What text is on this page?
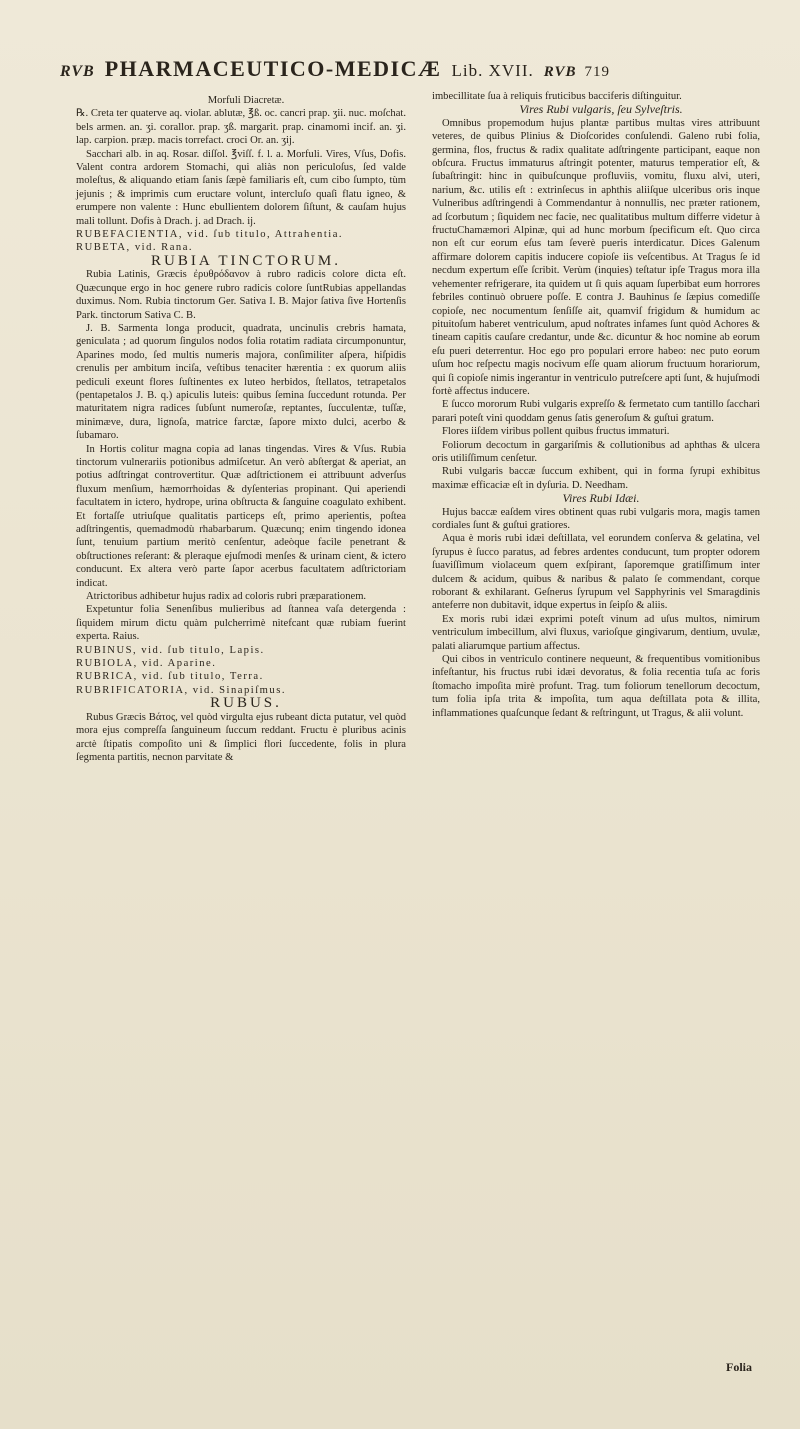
RVB PHARMACEUTICO-MEDICÆ Lib. XVII. RVB 719

Morfuli Diacretæ.

℞. Creta ter quaterve aq. violar. ablutæ, ℥ß. oc. cancri prap. ʒii. nuc. moſchat. bels armen. an. ʒi. corallor. prap. ʒß. margarit. prap. cinamomi incif. an. ʒi. lap. carpion. præp. macis torrefact. croci Or. an. ʒij.

Sacchari alb. in aq. Rosar. diſſol. ℥viſſ. f. l. a. Morfuli. Vires, Vſus, Dofis. Valent contra ardorem Stomachi, qui aliàs non periculoſus, ſed valde moleſtus, & aliquando etiam ſanis ſæpè familiaris eſt, cum cibo ſumpto, tùm jejunis ; & imprimis cum eructare volunt, intercluſo quaſi flatu igneo, & erumpere non valente : Hunc ebullientem dolorem ſiſtunt, & cauſam hujus mali tollunt. Dofis à Drach. j. ad Drach. ij.

RUBEFACIENTIA, vid. ſub titulo, Attrahentia.

RUBETA, vid. Rana.

RUBIA TINCTORUM.

Rubia Latinis, Græcis ἐρυθρόδανον à rubro radicis colore dicta eſt. Quæcunque ergo in hoc genere rubro radicis colore ſuntRubias appellandas duximus. Nom. Rubia tinctorum Ger. Sativa I. B. Major ſativa ſive Hortenſis Park. tinctorum Sativa C. B.

J. B. Sarmenta longa producit, quadrata, uncinulis crebris hamata, geniculata ; ad quorum ſingulos nodos folia rotatim radiata circumponuntur, Aparines modo, ſed multis numeris majora, conſimiliter aſpera, hiſpidis crenulis per ambitum inciſa, veſtibus tenaciter hærentia : ex quorum aliis pediculi exeunt flores ſuſtinentes ex luteo herbidos, ſtellatos, tetrapetalos (pentapetalos J. B. q.) apiculis luteis: quibus ſemina ſuccedunt rotunda. Per maturitatem nigra radices ſubſunt numeroſæ, reptantes, ſucculentæ, tuſſæ, minimæve, dura, lignoſa, matrice farctæ, ſapore mixto dulci, acerbo & ſubamaro.

In Hortis colitur magna copia ad lanas tingendas. Vires & Vſus. Rubia tinctorum vulnerariis potionibus admiſcetur. An verò abſtergat & aperiat, an potius adſtringat controvertitur. Quæ adſtrictionem ei attribuunt adverſus fluxum menſium, hæmorrhoidas & dyſenterias propinant. Qui aperiendi facultatem in ictero, hydrope, urina obſtructa & ſanguine coagulato exhibent. Et fortaſſe utriuſque qualitatis particeps eſt, primo aperientis, poſtea adſtringentis, quemadmodù rhabarbarum. Quæcunq; enim tingendo idonea ſunt, tenuium partium meritò cenſentur, adeòque facile penetrant & obſtructiones reſerant: & pleraque ejuſmodi menſes & urinam cient, & ictero conducunt. Ex altera verò parte ſapor acerbus facultatem adſtrictoriam indicat.

Atrictoribus adhibetur hujus radix ad coloris rubri præparationem.

Expetuntur folia Senenſibus mulieribus ad ſtannea vaſa detergenda : ſiquidem mirum dictu quàm pulcherrimè nitefcant quæ rubiam fuerint experta. Raius.

RUBINUS, vid. ſub titulo, Lapis.

RUBIOLA, vid. Aparine.

RUBRICA, vid. ſub titulo, Terra.

RUBRIFICATORIA, vid. Sinapiſmus.

RUBUS.

Rubus Græcis Βάτος, vel quòd virgulta ejus rubeant dicta putatur, vel quòd mora ejus compreſſa ſanguineum ſuccum reddant. Fructu è pluribus acinis arctè ſtipatis compoſito uni & ſimplici flori ſuccedente, folis in plura ſegmenta partitis, necnon parvitate &

imbecillitate ſua à reliquis fruticibus bacciferis diſtinguitur.

Vires Rubi vulgaris, ſeu Sylveſtris.

Omnibus propemodum hujus plantæ partibus multas vires attribuunt veteres, de quibus Plinius & Dioſcorides conſulendi. Galeno rubi folia, germina, flos, fructus & radix qualitate adſtringente participant, eaque non obſcura. Fructus immaturus aſtringit potenter, maturus temperatior eſt, & ſubaſtringit: hinc in quibuſcunque profluviis, vomitu, fluxu alvi, uteri, narium, &c. utilis eſt : extrinſecus in aphthis aliiſque ulceribus oris inque Vulneribus adſtringendi à Commendantur à nonnullis, nec præter rationem, ad ſcorbutum ; ſiquidem nec facie, nec qualitatibus multum differre videtur à fructuChamæmori Alpinæ, qui ad hunc morbum ſpecificum eſt. Quo circa non eſt cur eorum eſus tam ſeverè pueris interdicatur. Dices Galenum affirmare dolorem capitis inducere copioſe iis veſcentibus. At Tragus ſe id necdum expertum eſſe ſcribit. Verùm (inquies) teſtatur ipſe Tragus mora illa vehementer refrigerare, ita quidem ut ſi quis aquam ſuperbibat eum horrores febriles continuò obruere poſſe. E contra J. Bauhinus ſe ſæpius comediſſe copioſe, nec nocumentum ſenſiſſe ait, quamviſ frigidum & humidum ac pituitoſum haberet ventriculum, apud noſtrates infames ſunt quòd Achores & tineam capitis cauſare credantur, unde &c. dicuntur & hoc nomine ab eorum eſu pueri deterrentur. Hoc ego pro populari errore habeo: nec puto eorum uſum hoc reſpectu magis nocivum eſſe quam aliorum fructuum horariorum, qui ſi copioſe nimis ingerantur in ventriculo putreſcere apti ſunt, & hujuſmodi fortè affectus inducere.

E ſucco mororum Rubi vulgaris expreſſo & fermetato cum tantillo ſacchari parari poteſt vini quoddam genus ſatis generoſum & guſtui gratum.

Flores iiſdem viribus pollent quibus fructus immaturi.

Foliorum decoctum in gargariſmis & collutionibus ad aphthas & ulcera oris utiliſſimum cenſetur.

Rubi vulgaris baccæ ſuccum exhibent, qui in forma ſyrupi exhibitus maximæ efficaciæ eſt in dyſuria. D. Needham.

Vires Rubi Idæi.

Hujus baccæ eaſdem vires obtinent quas rubi vulgaris mora, magis tamen cordiales ſunt & guſtui gratiores.

Aqua è moris rubi idæi deſtillata, vel eorundem conſerva & gelatina, vel ſyrupus è ſucco paratus, ad febres ardentes conducunt, tum propter odorem ſuaviſſimum violaceum quem exſpirant, ſaporemque gratiſſimum inter dulcem & acidum, quibus & naribus & palato ſe commendant, corque roborant & exhilarant. Geſnerus ſyrupum vel Sapphyrinis vel Smaragdinis anteferre non dubitavit, idque expertus in ſeipſo & aliis.

Ex moris rubi idæi exprimi poteſt vinum ad uſus multos, nimirum ventriculum imbecillum, alvi fluxus, varioſque gingivarum, dentium, uvulæ, palati aliarumque partium affectus.

Qui cibos in ventriculo continere nequeunt, & frequentibus vomitionibus infeſtantur, his fructus rubi idæi devoratus, & folia recentia tuſa ac foris ſtomacho impoſita mirè profunt. Trag. tum foliorum tenellorum decoctum, tum folia ipſa trita & impoſita, tum aqua deſtillata pota & illita, inflammationes quaſcunque ſedant & reſtringunt, ut Tragus, & alii volunt.

Folia
